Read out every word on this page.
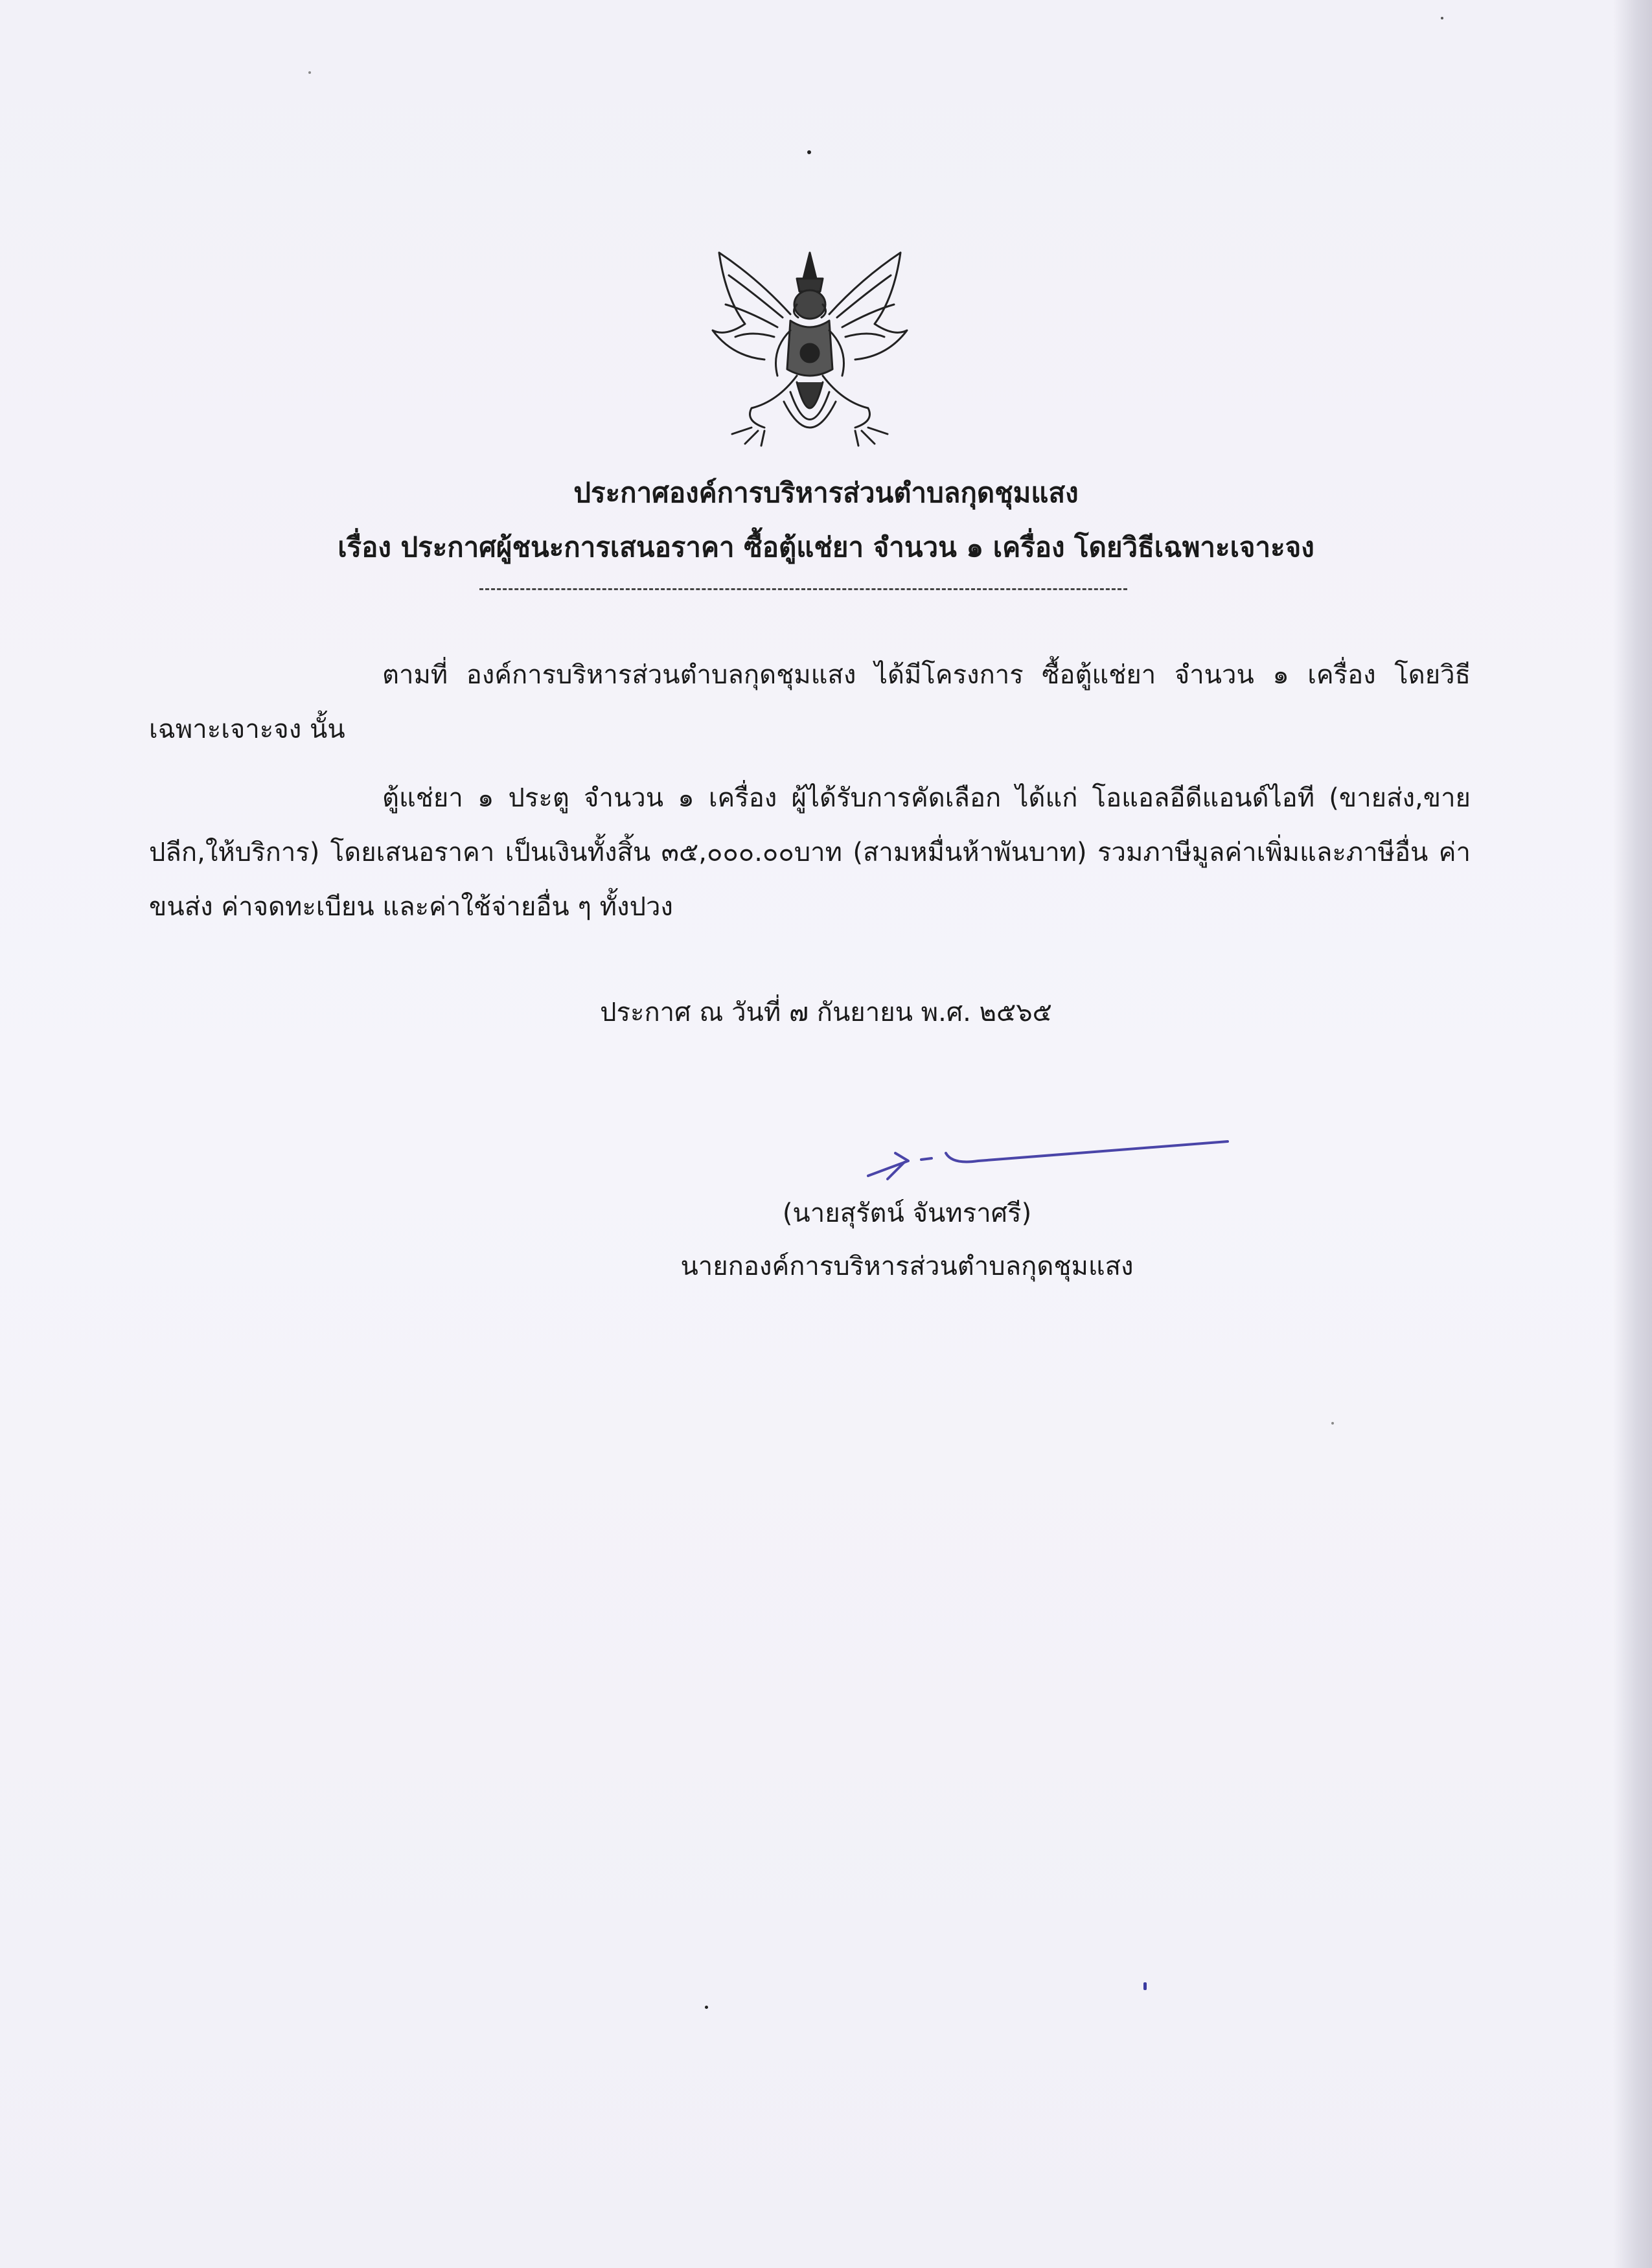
ประกาศองค์การบริหารส่วนตำบลกุดชุมแสง
เรื่อง ประกาศผู้ชนะการเสนอราคา ซื้อตู้แช่ยา จำนวน ๑ เครื่อง โดยวิธีเฉพาะเจาะจง

ตามที่ องค์การบริหารส่วนตำบลกุดชุมแสง ได้มีโครงการ ซื้อตู้แช่ยา จำนวน ๑ เครื่อง โดยวิธีเฉพาะเจาะจง นั้น

ตู้แช่ยา ๑ ประตู จำนวน ๑ เครื่อง ผู้ได้รับการคัดเลือก ได้แก่ โอแอลอีดีแอนด์ไอที (ขายส่ง,ขายปลีก,ให้บริการ) โดยเสนอราคา เป็นเงินทั้งสิ้น ๓๕,๐๐๐.๐๐บาท (สามหมื่นห้าพันบาท) รวมภาษีมูลค่าเพิ่มและภาษีอื่น ค่าขนส่ง ค่าจดทะเบียน และค่าใช้จ่ายอื่น ๆ ทั้งปวง

ประกาศ ณ วันที่ ๗ กันยายน พ.ศ. ๒๕๖๕
(นายสุรัตน์ จันทราศรี)
นายกองค์การบริหารส่วนตำบลกุดชุมแสง
